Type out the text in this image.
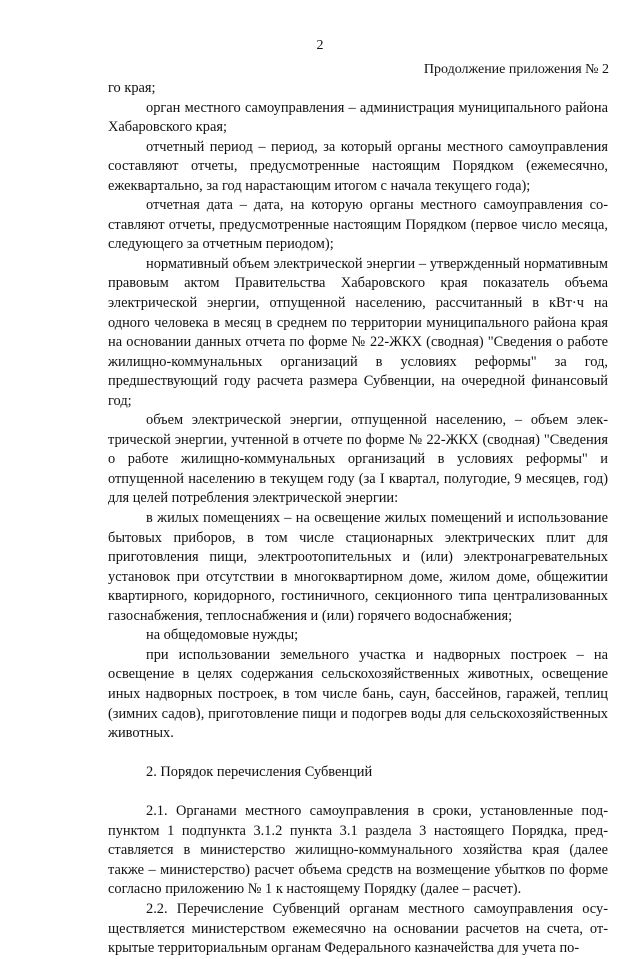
2
Продолжение приложения № 2

го края;

орган местного самоуправления – администрация муниципального района Хабаровского края;

отчетный период – период, за который органы местного самоуправления составляют отчеты, предусмотренные настоящим Порядком (ежемесячно, ежеквартально, за год нарастающим итогом с начала текущего года);

отчетная дата – дата, на которую органы местного самоуправления составляют отчеты, предусмотренные настоящим Порядком (первое число месяца, следующего за отчетным периодом);

нормативный объем электрической энергии – утвержденный нормативным правовым актом Правительства Хабаровского края показатель объема электрической энергии, отпущенной населению, рассчитанный в кВт·ч на одного человека в месяц в среднем по территории муниципального района края на основании данных отчета по форме № 22-ЖКХ (сводная) "Сведения о работе жилищно-коммунальных организаций в условиях реформы" за год, предшествующий году расчета размера Субвенции, на очередной финансовый год;

объем электрической энергии, отпущенной населению, – объем электрической энергии, учтенной в отчете по форме № 22-ЖКХ (сводная) "Сведения о работе жилищно-коммунальных организаций в условиях реформы" и отпущенной населению в текущем году (за I квартал, полугодие, 9 месяцев, год) для целей потребления электрической энергии:

в жилых помещениях – на освещение жилых помещений и использование бытовых приборов, в том числе стационарных электрических плит для приготовления пищи, электроотопительных и (или) электронагревательных установок при отсутствии в многоквартирном доме, жилом доме, общежитии квартирного, коридорного, гостиничного, секционного типа централизованных газоснабжения, теплоснабжения и (или) горячего водоснабжения;

на общедомовые нужды;

при использовании земельного участка и надворных построек – на освещение в целях содержания сельскохозяйственных животных, освещение иных надворных построек, в том числе бань, саун, бассейнов, гаражей, теплиц (зимних садов), приготовление пищи и подогрев воды для сельскохозяйственных животных.

2. Порядок перечисления Субвенций

2.1. Органами местного самоуправления в сроки, установленные подпунктом 1 подпункта 3.1.2 пункта 3.1 раздела 3 настоящего Порядка, представляется в министерство жилищно-коммунального хозяйства края (далее также – министерство) расчет объема средств на возмещение убытков по форме согласно приложению № 1 к настоящему Порядку (далее – расчет).

2.2. Перечисление Субвенций органам местного самоуправления осуществляется министерством ежемесячно на основании расчетов на счета, открытые территориальным органам Федерального казначейства для учета по-
